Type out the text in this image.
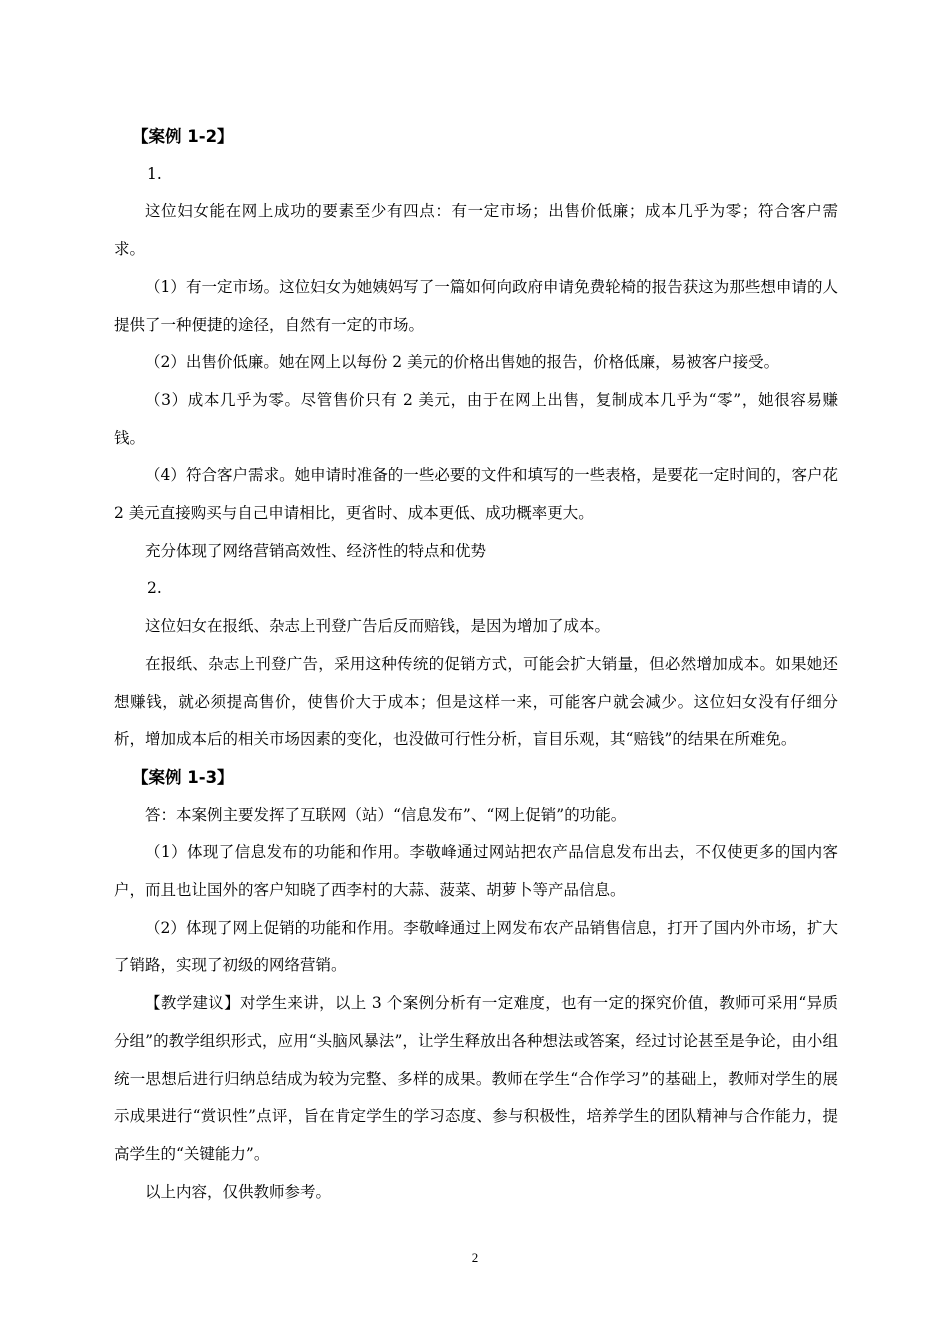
【案例 1-2】

1.

这位妇女能在网上成功的要素至少有四点：有一定市场；出售价低廉；成本几乎为零；符合客户需求。

（1）有一定市场。这位妇女为她姨妈写了一篇如何向政府申请免费轮椅的报告获这为那些想申请的人提供了一种便捷的途径，自然有一定的市场。

（2）出售价低廉。她在网上以每份 2 美元的价格出售她的报告，价格低廉，易被客户接受。

（3）成本几乎为零。尽管售价只有 2 美元，由于在网上出售，复制成本几乎为“零”，她很容易赚钱。

（4）符合客户需求。她申请时准备的一些必要的文件和填写的一些表格，是要花一定时间的，客户花 2 美元直接购买与自己申请相比，更省时、成本更低、成功概率更大。

充分体现了网络营销高效性、经济性的特点和优势

2.

这位妇女在报纸、杂志上刊登广告后反而赔钱，是因为增加了成本。

在报纸、杂志上刊登广告，采用这种传统的促销方式，可能会扩大销量，但必然增加成本。如果她还想赚钱，就必须提高售价，使售价大于成本；但是这样一来，可能客户就会减少。这位妇女没有仔细分析，增加成本后的相关市场因素的变化，也没做可行性分析，盲目乐观，其“赔钱”的结果在所难免。

【案例 1-3】

答：本案例主要发挥了互联网（站）“信息发布”、“网上促销”的功能。

（1）体现了信息发布的功能和作用。李敬峰通过网站把农产品信息发布出去，不仅使更多的国内客户，而且也让国外的客户知晓了西李村的大蒜、菠菜、胡萝卜等产品信息。

（2）体现了网上促销的功能和作用。李敬峰通过上网发布农产品销售信息，打开了国内外市场，扩大了销路，实现了初级的网络营销。

【教学建议】对学生来讲，以上 3 个案例分析有一定难度，也有一定的探究价值，教师可采用“异质分组”的教学组织形式，应用“头脑风暴法”，让学生释放出各种想法或答案，经过讨论甚至是争论，由小组统一思想后进行归纳总结成为较为完整、多样的成果。教师在学生“合作学习”的基础上，教师对学生的展示成果进行“赏识性”点评，旨在肯定学生的学习态度、参与积极性，培养学生的团队精神与合作能力，提高学生的“关键能力”。

以上内容，仅供教师参考。

2
